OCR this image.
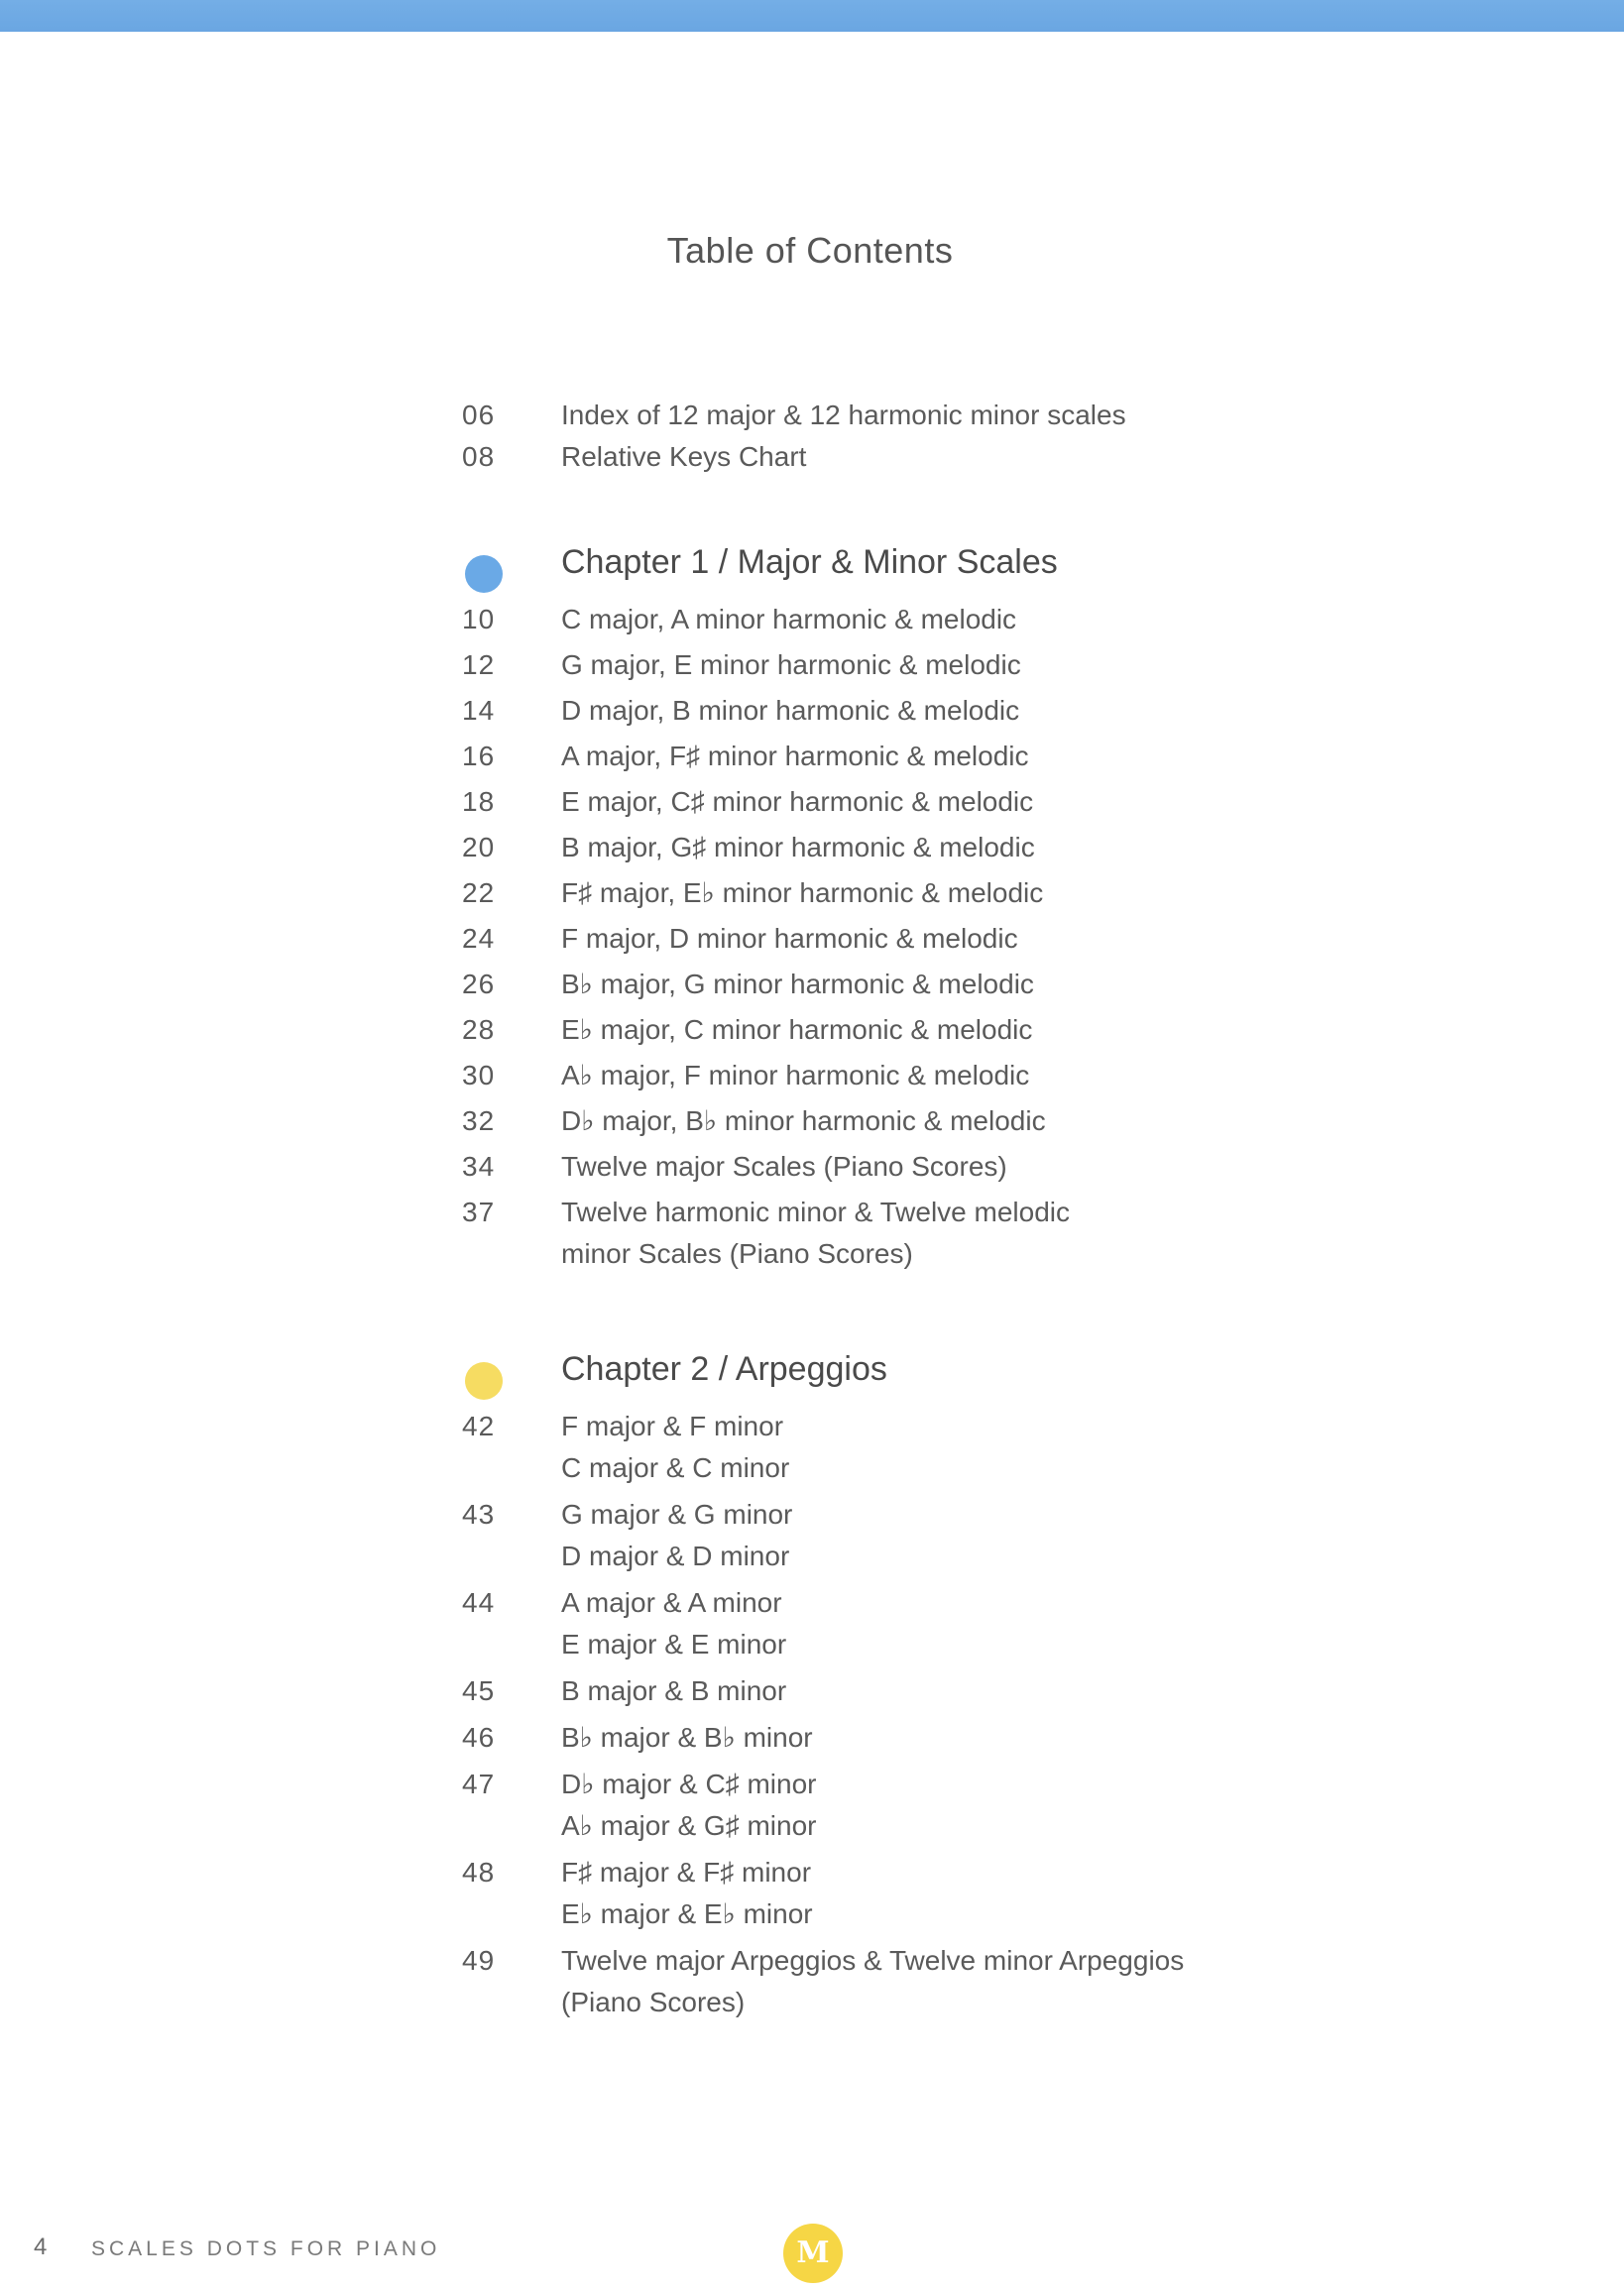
Table of Contents
06	Index of 12 major & 12 harmonic minor scales
08	Relative Keys Chart
Chapter 1 / Major & Minor Scales
10	C major, A minor harmonic & melodic
12	G major, E minor harmonic & melodic
14	D major, B minor harmonic & melodic
16	A major, F♯ minor harmonic & melodic
18	E major, C♯ minor harmonic & melodic
20	B major, G♯ minor harmonic & melodic
22	F♯ major, E♭ minor harmonic & melodic
24	F major, D minor harmonic & melodic
26	B♭ major, G minor harmonic & melodic
28	E♭ major, C minor harmonic & melodic
30	A♭ major, F minor harmonic & melodic
32	D♭ major, B♭ minor harmonic & melodic
34	Twelve major Scales (Piano Scores)
37	Twelve harmonic minor & Twelve melodic
minor Scales (Piano Scores)
Chapter 2 / Arpeggios
42	F major & F minor
C major & C minor
43	G major & G minor
D major & D minor
44	A major & A minor
E major & E minor
45	B major & B minor
46	B♭ major & B♭ minor
47	D♭ major & C♯ minor
A♭ major & G♯ minor
48	F♯ major & F♯ minor
E♭ major & E♭ minor
49	Twelve major Arpeggios & Twelve minor Arpeggios
(Piano Scores)
4 SCALES DOTS FOR PIANO	M
